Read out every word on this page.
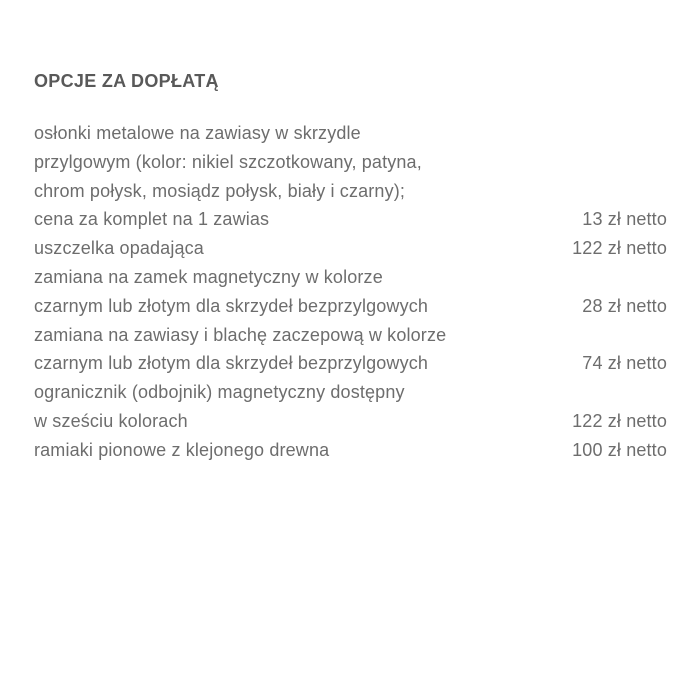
OPCJE ZA DOPŁATĄ
osłonki metalowe na zawiasy w skrzydle
przylgowym (kolor: nikiel szczotkowany, patyna,
chrom połysk, mosiądz połysk, biały i czarny);
cena za komplet na 1 zawias	13 zł netto
uszczelka opadająca	122 zł netto
zamiana na zamek magnetyczny w kolorze
czarnym lub złotym dla skrzydeł bezprzylgowych	28 zł netto
zamiana na zawiasy i blachę zaczepową w kolorze
czarnym lub złotym dla skrzydeł bezprzylgowych	74 zł netto
ogranicznik (odbojnik) magnetyczny dostępny
w sześciu kolorach	122 zł netto
ramiaki pionowe z klejonego drewna	100 zł netto
